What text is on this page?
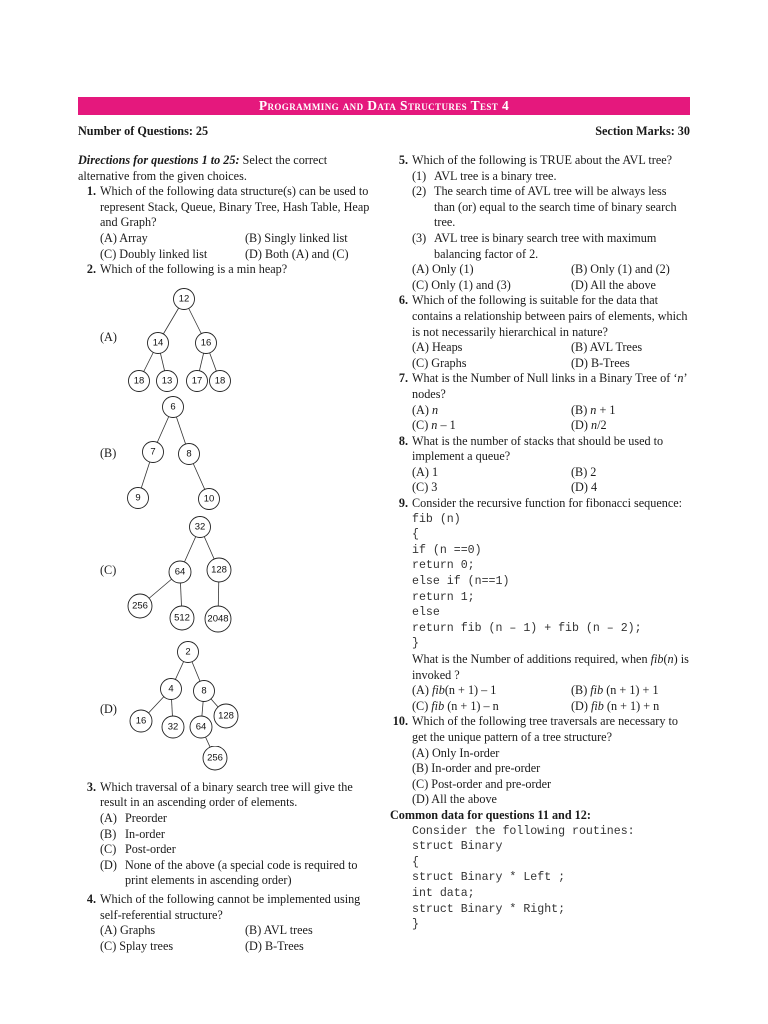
Programming and Data Structures Test 4
Number of Questions: 25	Section Marks: 30
Directions for questions 1 to 25: Select the correct alternative from the given choices.
1. Which of the following data structure(s) can be used to represent Stack, Queue, Binary Tree, Hash Table, Heap and Graph?
(A) Array	(B) Singly linked list
(C) Doubly linked list	(D) Both (A) and (C)
2. Which of the following is a min heap?
(A)
(B)
(C)
(D)
12
14	16
18 13 17 18
6
7	8
9	10
32
64	128
256
512 2048
2
4	8
16
32 64
128
256
3. Which traversal of a binary search tree will give the result in an ascending order of elements.
(A) Preorder
(B) In-order
(C) Post-order
(D) None of the above (a special code is required to print elements in ascending order)
4. Which of the following cannot be implemented using self-referential structure?
(A) Graphs	(B) AVL trees
(C) Splay trees	(D) B-Trees
5. Which of the following is TRUE about the AVL tree?
(1) AVL tree is a binary tree.
(2) The search time of AVL tree will be always less than (or) equal to the search time of binary search tree.
(3) AVL tree is binary search tree with maximum balancing factor of 2.
(A) Only (1)	(B) Only (1) and (2)
(C) Only (1) and (3)	(D) All the above
6. Which of the following is suitable for the data that contains a relationship between pairs of elements, which is not necessarily hierarchical in nature?
(A) Heaps	(B) AVL Trees
(C) Graphs	(D) B-Trees
7. What is the Number of Null links in a Binary Tree of ‘n’ nodes?
(A) n	(B) n + 1
(C) n – 1	(D) n/2
8. What is the number of stacks that should be used to implement a queue?
(A) 1	(B) 2
(C) 3	(D) 4
9. Consider the recursive function for fibonacci sequence:
fib (n)
{
if (n ==0)
return 0;
else if (n==1)
return 1;
else
return fib (n – 1) + fib (n – 2);
}
What is the Number of additions required, when fib(n) is invoked ?
(A) fib(n + 1) – 1	(B) fib (n + 1) + 1
(C) fib (n + 1) – n	(D) fib (n + 1) + n
10. Which of the following tree traversals are necessary to get the unique pattern of a tree structure?
(A) Only In-order
(B) In-order and pre-order
(C) Post-order and pre-order
(D) All the above
Common data for questions 11 and 12:
Consider the following routines:
struct Binary
{
struct Binary * Left ;
int data;
struct Binary * Right;
}
